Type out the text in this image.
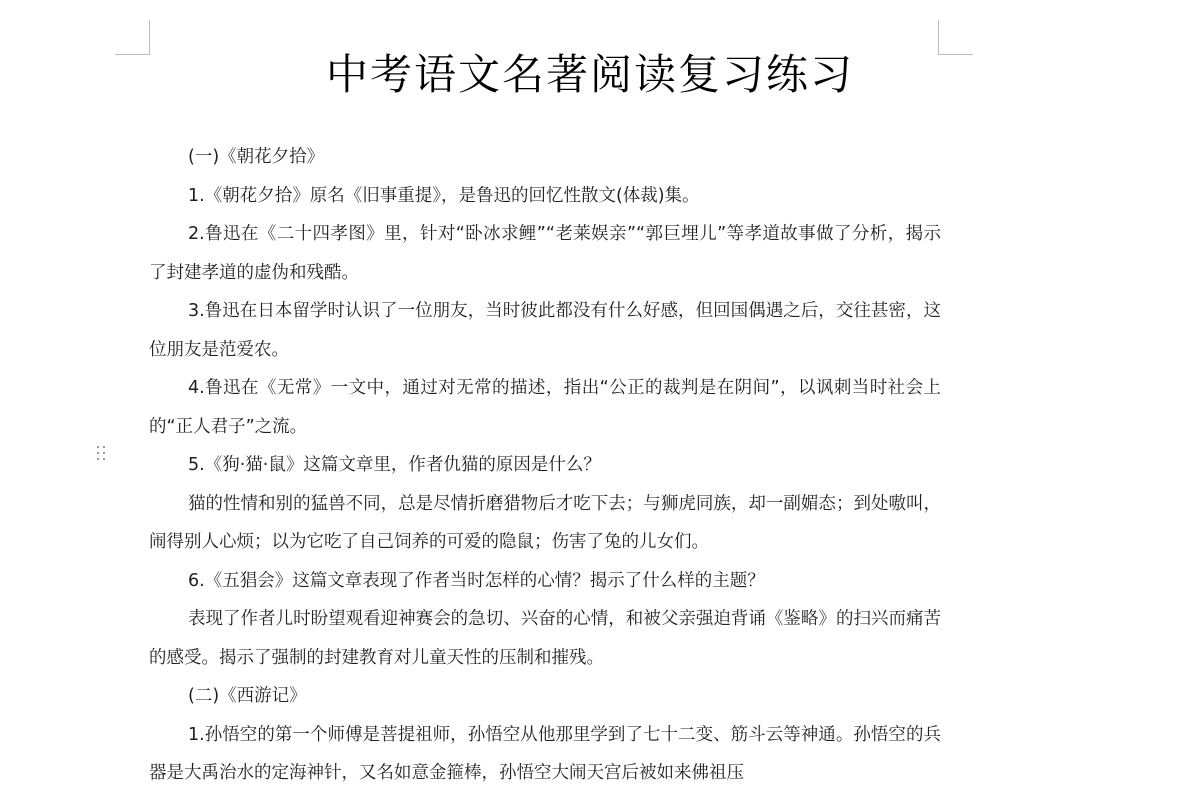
中考语文名著阅读复习练习

(一)《朝花夕拾》

1.《朝花夕拾》原名《旧事重提》，是鲁迅的回忆性散文(体裁)集。

2.鲁迅在《二十四孝图》里，针对“卧冰求鲤”“老莱娱亲”“郭巨埋儿”等孝道故事做了分析，揭示了封建孝道的虚伪和残酷。

3.鲁迅在日本留学时认识了一位朋友，当时彼此都没有什么好感，但回国偶遇之后，交往甚密，这位朋友是范爱农。

4.鲁迅在《无常》一文中，通过对无常的描述，指出“公正的裁判是在阴间”，以讽刺当时社会上的“正人君子”之流。

5.《狗·猫·鼠》这篇文章里，作者仇猫的原因是什么？

猫的性情和别的猛兽不同，总是尽情折磨猎物后才吃下去；与狮虎同族，却一副媚态；到处嗷叫，闹得别人心烦；以为它吃了自己饲养的可爱的隐鼠；伤害了兔的儿女们。

6.《五猖会》这篇文章表现了作者当时怎样的心情？揭示了什么样的主题？

表现了作者儿时盼望观看迎神赛会的急切、兴奋的心情，和被父亲强迫背诵《鉴略》的扫兴而痛苦的感受。揭示了强制的封建教育对儿童天性的压制和摧残。

(二)《西游记》

1.孙悟空的第一个师傅是菩提祖师，孙悟空从他那里学到了七十二变、筋斗云等神通。孙悟空的兵器是大禹治水的定海神针，又名如意金箍棒，孙悟空大闹天宫后被如来佛祖压
